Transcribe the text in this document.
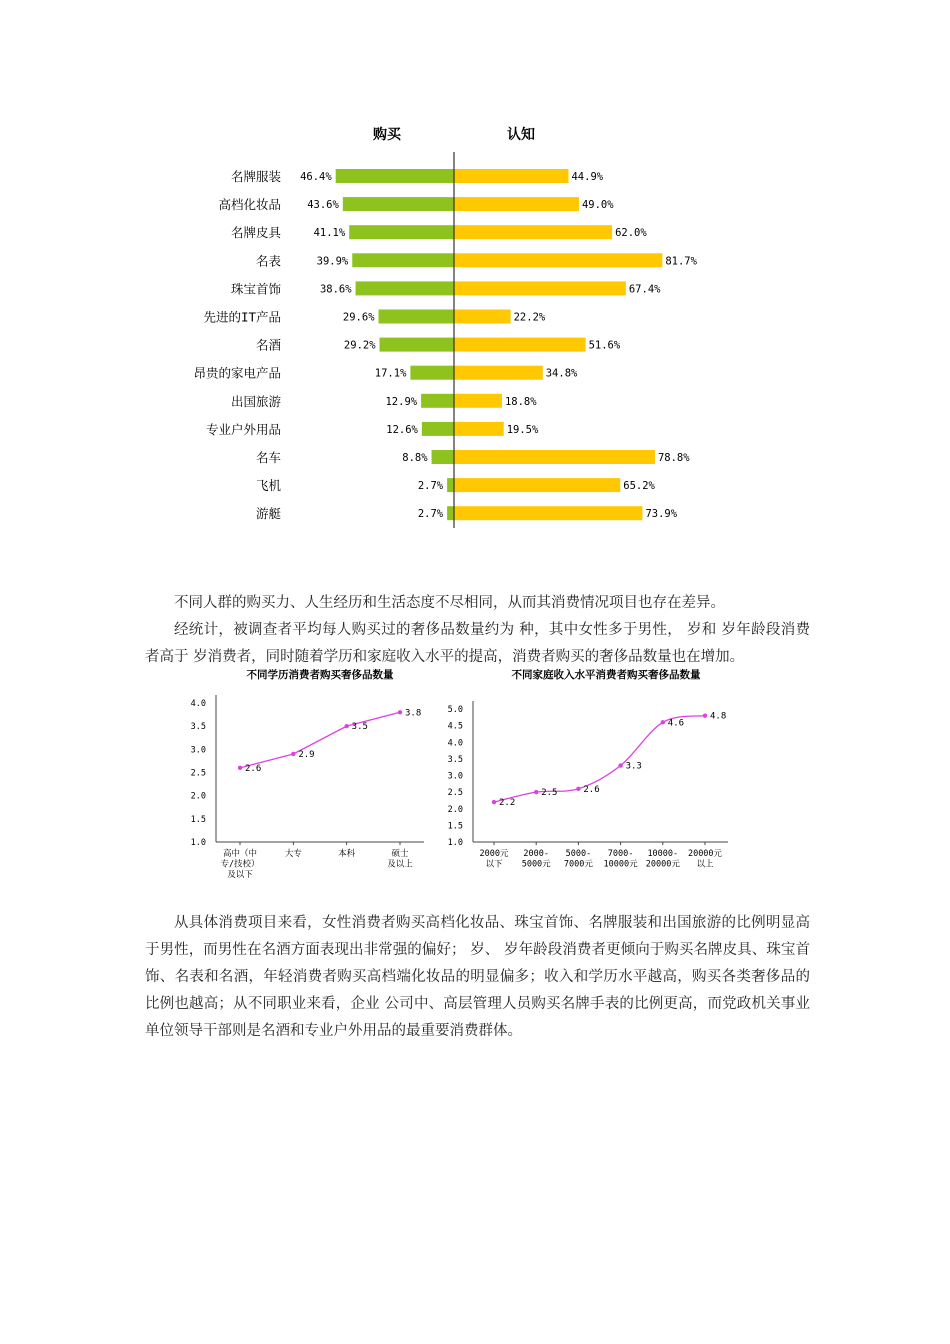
购买	认知
名牌服装 46.4%	44.9%
高档化妆品 43.6%	49.0%
名牌皮具	41.1%	62.0%
名表	39.9%	81.7%
珠宝首饰	38.6%	67.4%
先进的IT产品	29.6%	22.2%
名酒	29.2%	51.6%
昂贵的家电产品	17.1%	34.8%
出国旅游	12.9%	18.8%
专业户外用品	12.6%	19.5%
名车	8.8%	78.8%
飞机	2.7%	65.2%
游艇	2.7%	73.9%

不同人群的购买力、人生经历和生活态度不尽相同，从而其消费情况项目也存在差异。

经统计，被调查者平均每人购买过的奢侈品数量约为 种，其中女性多于男性， 岁和 岁年龄段消费者高于 岁消费者，同时随着学历和家庭收入水平的提高，消费者购买的奢侈品数量也在增加。

不同学历消费者购买奢侈品数量
4.0
3.5
3.0
2.5
2.0
1.5
1.0
高中（中
专/技校）
及以下
大专	本科	硕士
及以上
2.6
2.9
3.5
3.8
不同家庭收入水平消费者购买奢侈品数量
5.0
4.5
4.0
3.5
3.0
2.5
2.0
1.5
1.0
2000元
以下
2000-
5000元
5000-
7000元
7000-
10000元
10000-
20000元
20000元
以上
2.2
2.5	2.6
3.3
4.6
4.8

从具体消费项目来看，女性消费者购买高档化妆品、珠宝首饰、名牌服装和出国旅游的比例明显高于男性，而男性在名酒方面表现出非常强的偏好； 岁、 岁年龄段消费者更倾向于购买名牌皮具、珠宝首饰、名表和名酒，年轻消费者购买高档端化妆品的明显偏多；收入和学历水平越高，购买各类奢侈品的比例也越高；从不同职业来看，企业 公司中、高层管理人员购买名牌手表的比例更高，而党政机关事业单位领导干部则是名酒和专业户外用品的最重要消费群体。
